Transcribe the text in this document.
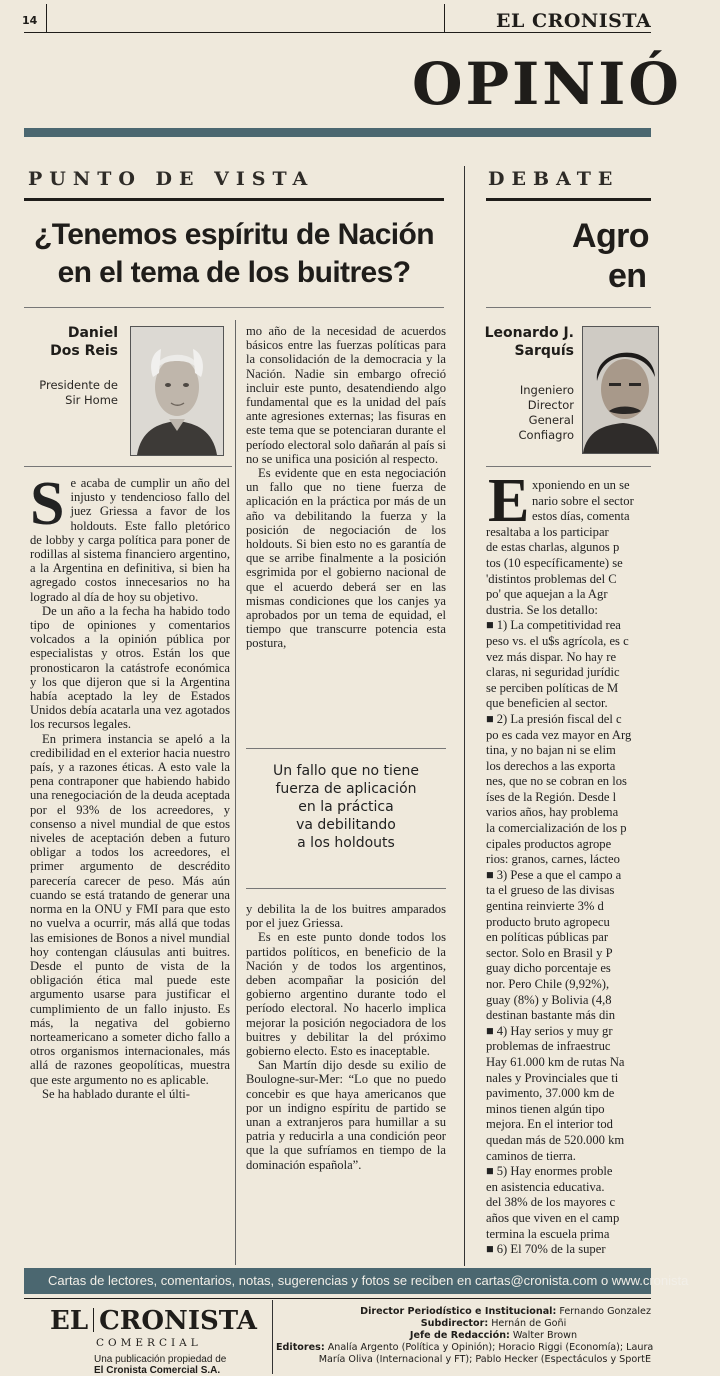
14	EL CRONISTA
OPINIÓ
PUNTO DE VISTA
¿Tenemos espíritu de Nación
en el tema de los buitres?
Daniel
Dos Reis
Presidente de
Sir Home

Se acaba de cumplir un año del injusto y tendencioso fallo del juez Griessa a favor de los holdouts. Este fallo pletórico de lobby y carga política para poner de rodillas al sistema financiero argentino, a la Argentina en definitiva, si bien ha agregado costos innecesarios no ha logrado al día de hoy su objetivo.

De un año a la fecha ha habido todo tipo de opiniones y comentarios volcados a la opinión pública por especialistas y otros. Están los que pronosticaron la catástrofe económica y los que dijeron que si la Argentina había aceptado la ley de Estados Unidos debía acatarla una vez agotados los recursos legales.

En primera instancia se apeló a la credibilidad en el exterior hacia nuestro país, y a razones éticas. A esto vale la pena contraponer que habiendo habido una renegociación de la deuda aceptada por el 93% de los acreedores, y consenso a nivel mundial de que estos niveles de aceptación deben a futuro obligar a todos los acreedores, el primer argumento de descrédito parecería carecer de peso. Más aún cuando se está tratando de generar una norma en la ONU y FMI para que esto no vuelva a ocurrir, más allá que todas las emisiones de Bonos a nivel mundial hoy contengan cláusulas anti buitres. Desde el punto de vista de la obligación ética mal puede este argumento usarse para justificar el cumplimiento de un fallo injusto. Es más, la negativa del gobierno norteamericano a someter dicho fallo a otros organismos internacionales, más allá de razones geopolíticas, muestra que este argumento no es aplicable.

Se ha hablado durante el últi-

mo año de la necesidad de acuerdos básicos entre las fuerzas políticas para la consolidación de la democracia y la Nación. Nadie sin embargo ofreció incluir este punto, desatendiendo algo fundamental que es la unidad del país ante agresiones externas; las fisuras en este tema que se potenciaran durante el período electoral solo dañarán al país si no se unifica una posición al respecto.

Es evidente que en esta negociación un fallo que no tiene fuerza de aplicación en la práctica por más de un año va debilitando la fuerza y la posición de negociación de los holdouts. Si bien esto no es garantía de que se arribe finalmente a la posición esgrimida por el gobierno nacional de que el acuerdo deberá ser en las mismas condiciones que los canjes ya aprobados por un tema de equidad, el tiempo que transcurre potencia esta postura,

Un fallo que no tiene
fuerza de aplicación
en la práctica
va debilitando
a los holdouts

y debilita la de los buitres amparados por el juez Griessa.

Es en este punto donde todos los partidos políticos, en beneficio de la Nación y de todos los argentinos, deben acompañar la posición del gobierno argentino durante todo el período electoral. No hacerlo implica mejorar la posición negociadora de los buitres y debilitar la del próximo gobierno electo. Esto es inaceptable.

San Martín dijo desde su exilio de Boulogne-sur-Mer: “Lo que no puedo concebir es que haya americanos que por un indigno espíritu de partido se unan a extranjeros para humillar a su patria y reducirla a una condición peor que la que sufríamos en tiempo de la dominación española”.

DEBATE
Agro
en
Leonardo J.
Sarquís
Ingeniero
Director
General
Confiagro
E xponiendo en un se
nario sobre el sector
estos días, comenta
resaltaba a los participar
de estas charlas, algunos p
tos (10 específicamente) se
'distintos problemas del C
po' que aquejan a la Agr
dustria. Se los detallo:
■ 1) La competitividad rea
peso vs. el u$s agrícola, es c
vez más dispar. No hay re
claras, ni seguridad jurídic
se perciben políticas de M
que beneficien al sector.
■ 2) La presión fiscal del c
po es cada vez mayor en Arg
tina, y no bajan ni se elim
los derechos a las exporta
nes, que no se cobran en los
íses de la Región. Desde l
varios años, hay problema
la comercialización de los p
cipales productos agrope
rios: granos, carnes, lácteo
■ 3) Pese a que el campo a
ta el grueso de las divisas
gentina reinvierte 3% d
producto bruto agropecu
en políticas públicas par
sector. Solo en Brasil y P
guay dicho porcentaje es
nor. Pero Chile (9,92%),
guay (8%) y Bolivia (4,8
destinan bastante más din
■ 4) Hay serios y muy gr
problemas de infraestruc
Hay 61.000 km de rutas Na
nales y Provinciales que ti
pavimento, 37.000 km de
minos tienen algún tipo
mejora. En el interior tod
quedan más de 520.000 km
caminos de tierra.
■ 5) Hay enormes proble
en asistencia educativa.
del 38% de los mayores c
años que viven en el camp
termina la escuela prima
■ 6) El 70% de la super
Cartas de lectores, comentarios, notas, sugerencias y fotos se reciben en cartas@cronista.com o www.cronista
EL CRONISTA
COMERCIAL
Una publicación propiedad de
El Cronista Comercial S.A.
Director Periodístico e Institucional: Fernando Gonzalez
Subdirector: Hernán de Goñi
Jefe de Redacción: Walter Brown
Editores: Analía Argento (Política y Opinión); Horacio Riggi (Economía); Laura
María Oliva (Internacional y FT); Pablo Hecker (Espectáculos y SportE
